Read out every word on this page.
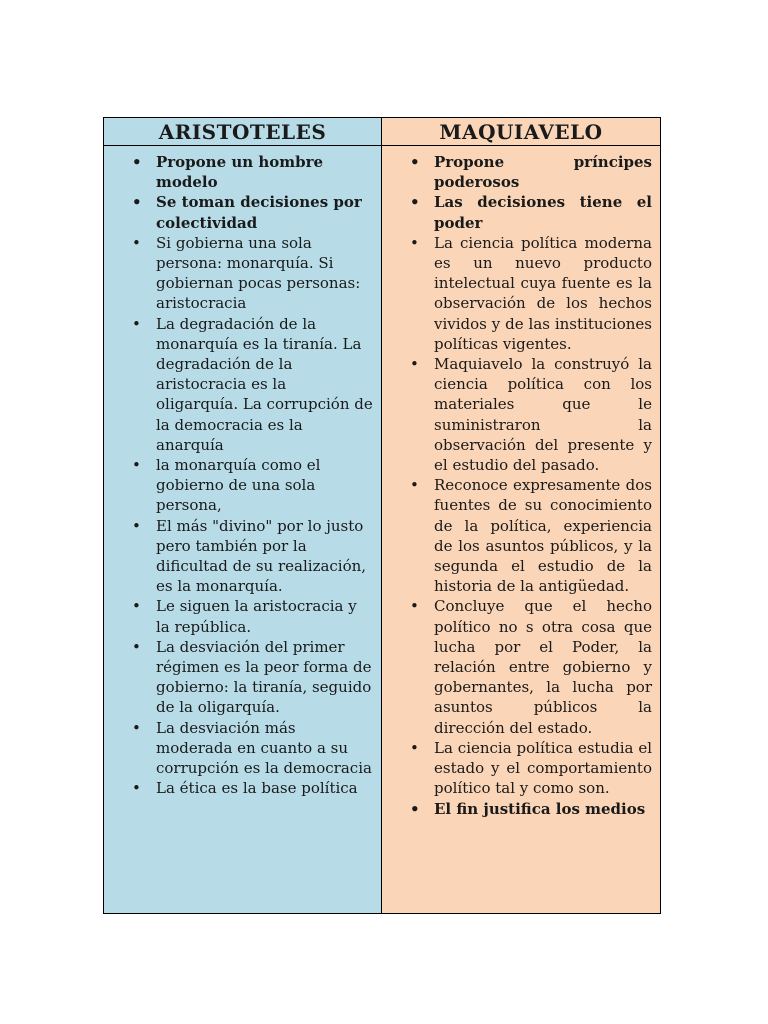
ARISTOTELES	MAQUIAVELO
• Propone un hombre modelo
• Se toman decisiones por colectividad
• Si gobierna una sola persona: monarquía. Si gobiernan pocas personas: aristocracia
• La degradación de la monarquía es la tiranía. La degradación de la aristocracia es la oligarquía. La corrupción de la democracia es la anarquía
• la monarquía como el gobierno de una sola persona,
• El más "divino" por lo justo pero también por la dificultad de su realización, es la monarquía.
• Le siguen la aristocracia y la república.
• La desviación del primer régimen es la peor forma de gobierno: la tiranía, seguido de la oligarquía.
• La desviación más moderada en cuanto a su corrupción es la democracia
• La ética es la base política
• Propone príncipes poderosos
• Las decisiones tiene el poder
• La ciencia política moderna es un nuevo producto intelectual cuya fuente es la observación de los hechos vividos y de las instituciones políticas vigentes.
• Maquiavelo la construyó la ciencia política con los materiales que le suministraron la observación del presente y el estudio del pasado.
• Reconoce expresamente dos fuentes de su conocimiento de la política, experiencia de los asuntos públicos, y la segunda el estudio de la historia de la antigüedad.
• Concluye que el hecho político no s otra cosa que lucha por el Poder, la relación entre gobierno y gobernantes, la lucha por asuntos públicos la dirección del estado.
• La ciencia política estudia el estado y el comportamiento político tal y como son.
• El fin justifica los medios
